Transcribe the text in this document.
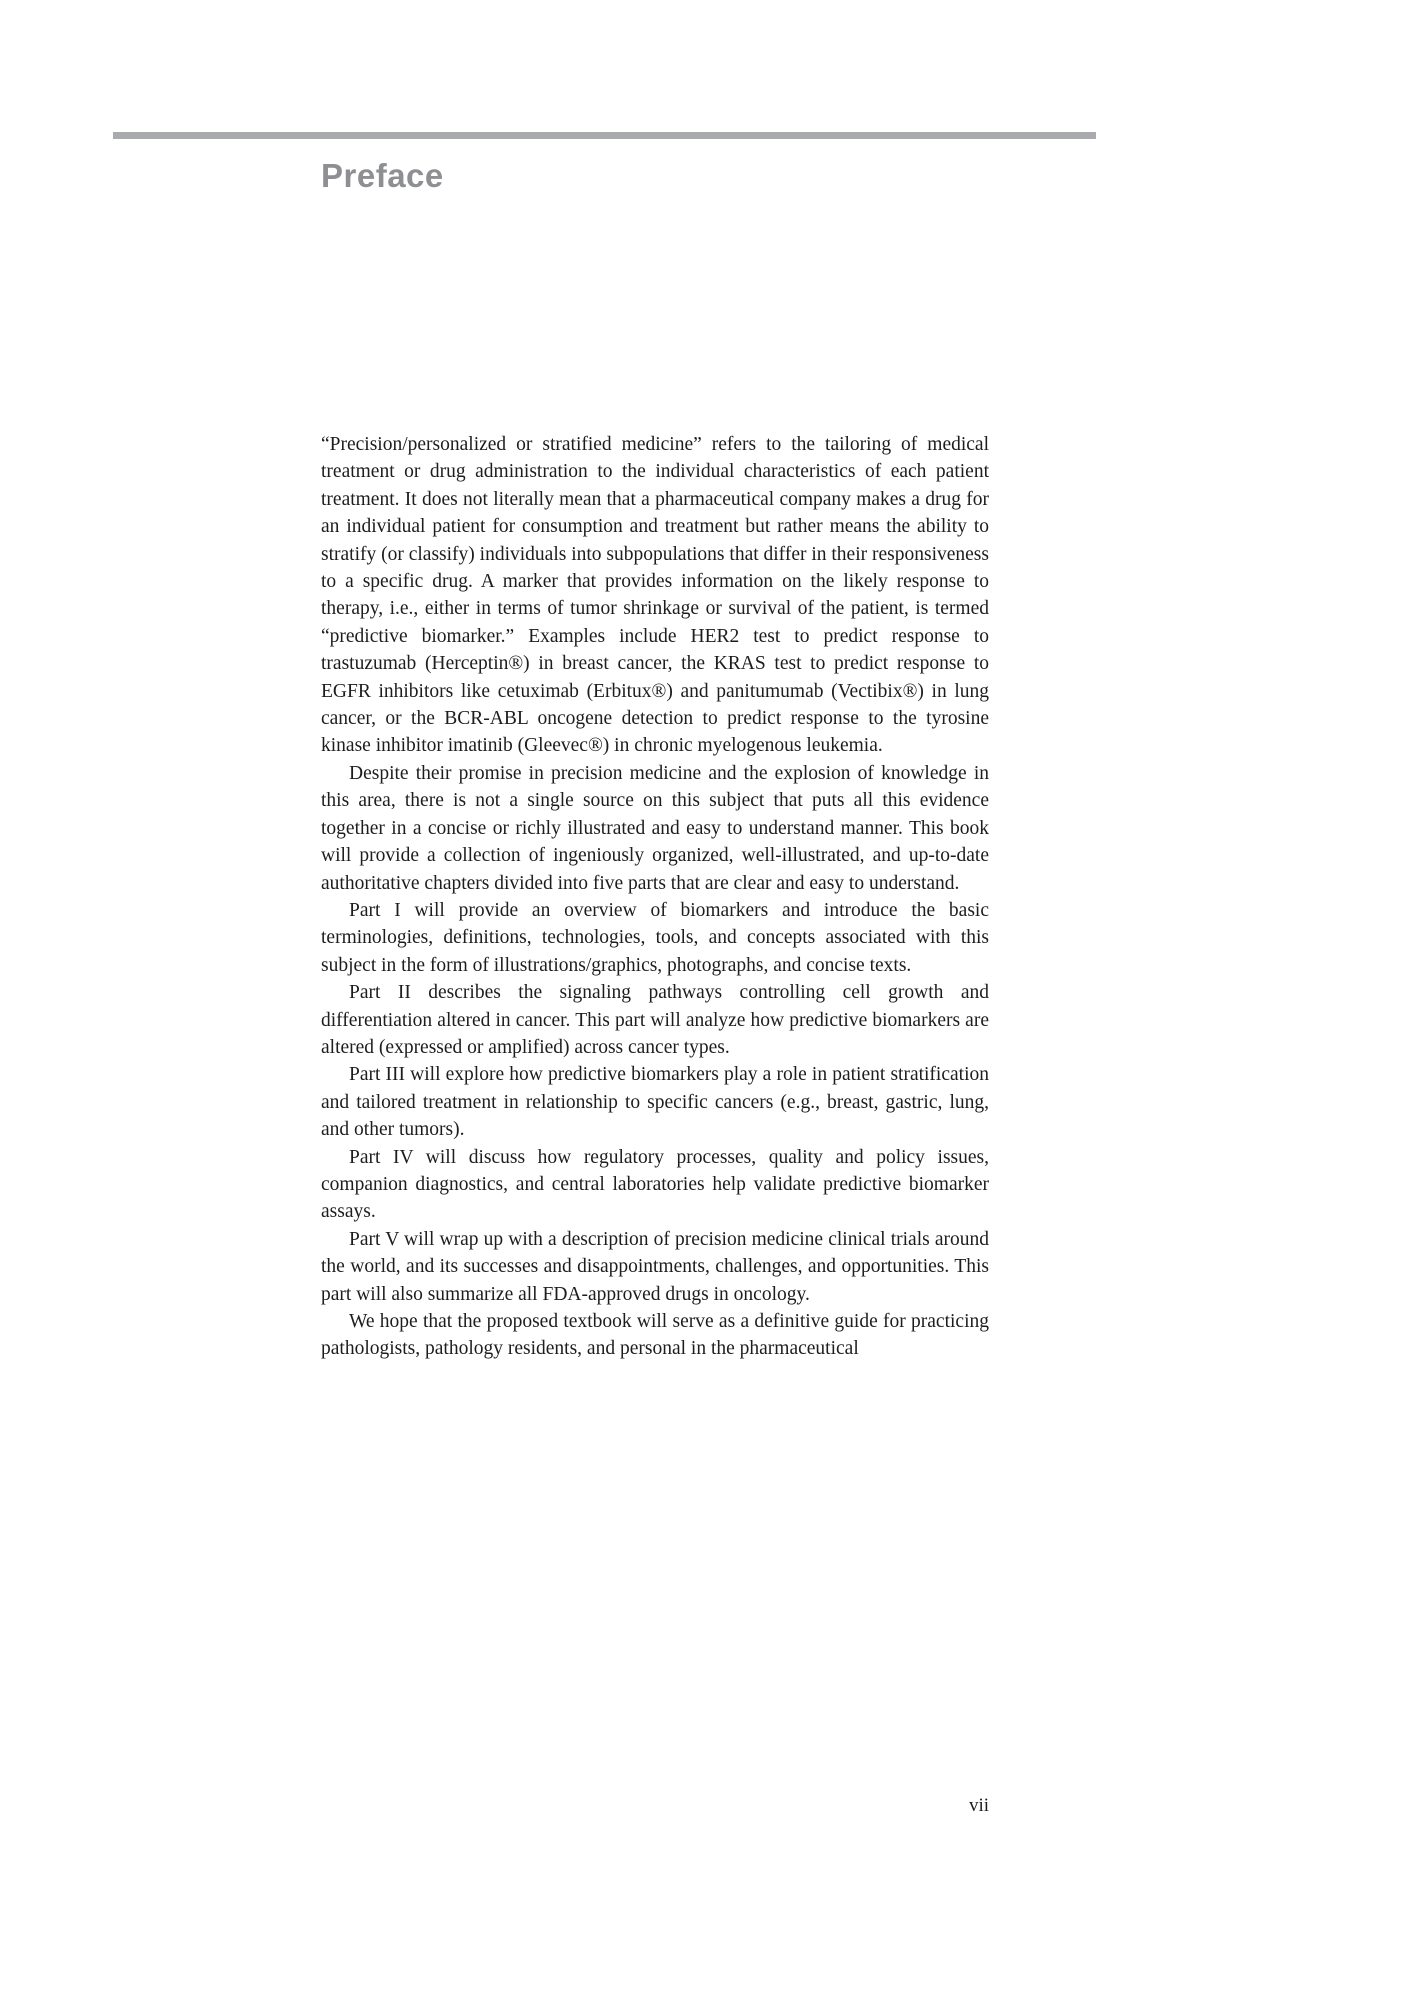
Preface

“Precision/personalized or stratified medicine” refers to the tailoring of medical treatment or drug administration to the individual characteristics of each patient treatment. It does not literally mean that a pharmaceutical company makes a drug for an individual patient for consumption and treatment but rather means the ability to stratify (or classify) individuals into subpopulations that differ in their responsiveness to a specific drug. A marker that provides information on the likely response to therapy, i.e., either in terms of tumor shrinkage or survival of the patient, is termed “predictive biomarker.” Examples include HER2 test to predict response to trastuzumab (Herceptin®) in breast cancer, the KRAS test to predict response to EGFR inhibitors like cetuximab (Erbitux®) and panitumumab (Vectibix®) in lung cancer, or the BCR-ABL oncogene detection to predict response to the tyrosine kinase inhibitor imatinib (Gleevec®) in chronic myelogenous leukemia.

Despite their promise in precision medicine and the explosion of knowledge in this area, there is not a single source on this subject that puts all this evidence together in a concise or richly illustrated and easy to understand manner. This book will provide a collection of ingeniously organized, well-illustrated, and up-to-date authoritative chapters divided into five parts that are clear and easy to understand.

Part I will provide an overview of biomarkers and introduce the basic terminologies, definitions, technologies, tools, and concepts associated with this subject in the form of illustrations/graphics, photographs, and concise texts.

Part II describes the signaling pathways controlling cell growth and differentiation altered in cancer. This part will analyze how predictive biomarkers are altered (expressed or amplified) across cancer types.

Part III will explore how predictive biomarkers play a role in patient stratification and tailored treatment in relationship to specific cancers (e.g., breast, gastric, lung, and other tumors).

Part IV will discuss how regulatory processes, quality and policy issues, companion diagnostics, and central laboratories help validate predictive biomarker assays.

Part V will wrap up with a description of precision medicine clinical trials around the world, and its successes and disappointments, challenges, and opportunities. This part will also summarize all FDA-approved drugs in oncology.

We hope that the proposed textbook will serve as a definitive guide for practicing pathologists, pathology residents, and personal in the pharmaceutical

vii
